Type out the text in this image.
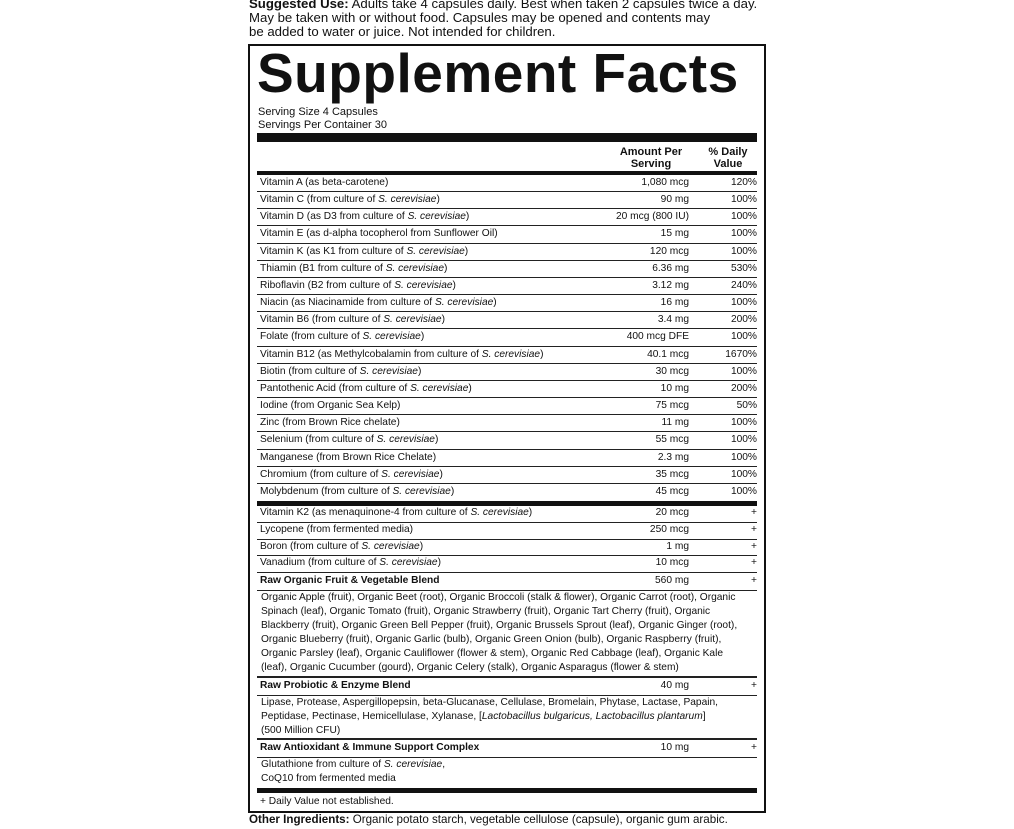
Suggested Use: Adults take 4 capsules daily. Best when taken 2 capsules twice a day.
May be taken with or without food. Capsules may be opened and contents may
be added to water or juice. Not intended for children.
Supplement Facts
Serving Size 4 Capsules
Servings Per Container 30
Amount Per
Serving
% Daily
Value
Vitamin A (as beta-carotene)	1,080 mcg	120%
Vitamin C (from culture of S. cerevisiae)	90 mg	100%
Vitamin D (as D3 from culture of S. cerevisiae)	20 mcg (800 IU)	100%
Vitamin E (as d-alpha tocopherol from Sunflower Oil)	15 mg	100%
Vitamin K (as K1 from culture of S. cerevisiae)	120 mcg	100%
Thiamin (B1 from culture of S. cerevisiae)	6.36 mg	530%
Riboflavin (B2 from culture of S. cerevisiae)	3.12 mg	240%
Niacin (as Niacinamide from culture of S. cerevisiae)	16 mg	100%
Vitamin B6 (from culture of S. cerevisiae)	3.4 mg	200%
Folate (from culture of S. cerevisiae)	400 mcg DFE	100%
Vitamin B12 (as Methylcobalamin from culture of S. cerevisiae)	40.1 mcg	1670%
Biotin (from culture of S. cerevisiae)	30 mcg	100%
Pantothenic Acid (from culture of S. cerevisiae)	10 mg	200%
Iodine (from Organic Sea Kelp)	75 mcg	50%
Zinc (from Brown Rice chelate)	11 mg	100%
Selenium (from culture of S. cerevisiae)	55 mcg	100%
Manganese (from Brown Rice Chelate)	2.3 mg	100%
Chromium (from culture of S. cerevisiae)	35 mcg	100%
Molybdenum (from culture of S. cerevisiae)	45 mcg	100%
Vitamin K2 (as menaquinone-4 from culture of S. cerevisiae)	20 mcg	+
Lycopene (from fermented media)	250 mcg	+
Boron (from culture of S. cerevisiae)	1 mg	+
Vanadium (from culture of S. cerevisiae)	10 mcg	+
Raw Organic Fruit & Vegetable Blend	560 mg	+
Organic Apple (fruit), Organic Beet (root), Organic Broccoli (stalk & flower), Organic Carrot (root), Organic
Spinach (leaf), Organic Tomato (fruit), Organic Strawberry (fruit), Organic Tart Cherry (fruit), Organic
Blackberry (fruit), Organic Green Bell Pepper (fruit), Organic Brussels Sprout (leaf), Organic Ginger (root),
Organic Blueberry (fruit), Organic Garlic (bulb), Organic Green Onion (bulb), Organic Raspberry (fruit),
Organic Parsley (leaf), Organic Cauliflower (flower & stem), Organic Red Cabbage (leaf), Organic Kale
(leaf), Organic Cucumber (gourd), Organic Celery (stalk), Organic Asparagus (flower & stem)
Raw Probiotic & Enzyme Blend	40 mg	+
Lipase, Protease, Aspergillopepsin, beta-Glucanase, Cellulase, Bromelain, Phytase, Lactase, Papain,
Peptidase, Pectinase, Hemicellulase, Xylanase, [Lactobacillus bulgaricus, Lactobacillus plantarum]
(500 Million CFU)
Raw Antioxidant & Immune Support Complex	10 mg	+
Glutathione from culture of S. cerevisiae,
CoQ10 from fermented media
+ Daily Value not established.
Other Ingredients: Organic potato starch, vegetable cellulose (capsule), organic gum arabic.
